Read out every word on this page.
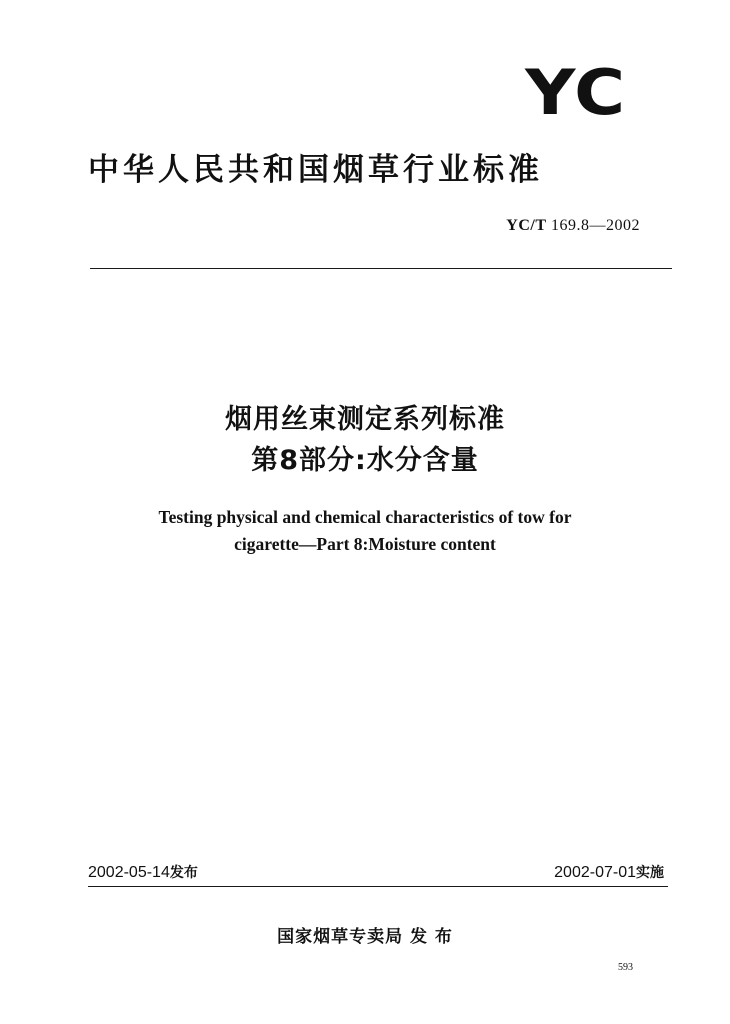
YC
中华人民共和国烟草行业标准
YC/T 169.8—2002
烟用丝束测定系列标准
第8部分:水分含量
Testing physical and chemical characteristics of tow for
cigarette—Part 8:Moisture content
2002-05-14发布	2002-07-01实施
国家烟草专卖局 发 布
593
